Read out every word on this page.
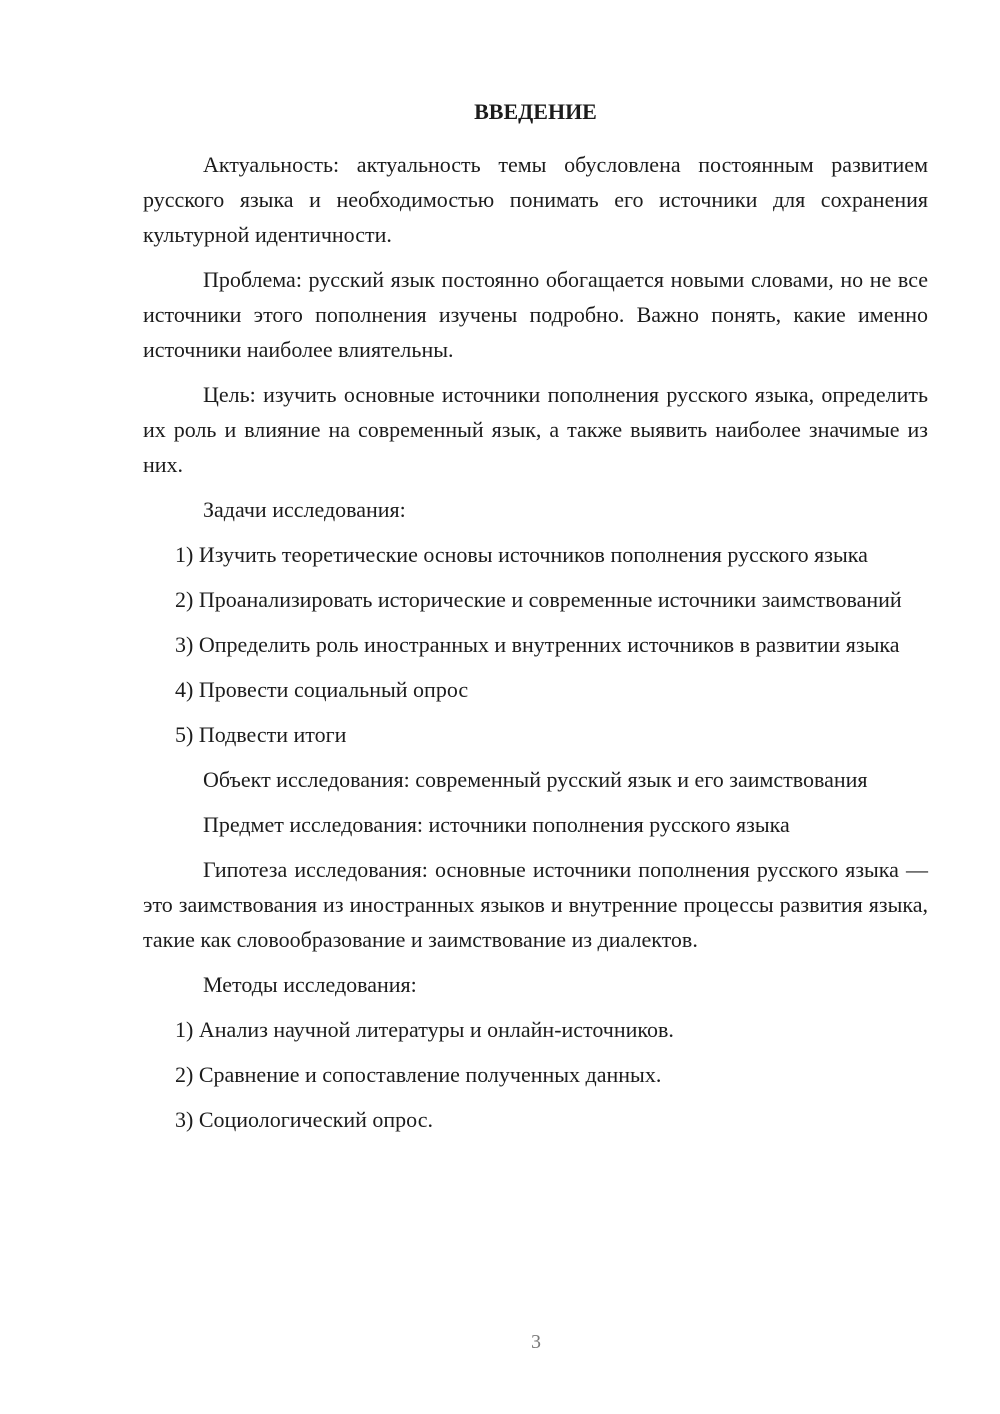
ВВЕДЕНИЕ

Актуальность: актуальность темы обусловлена постоянным развитием русского языка и необходимостью понимать его источники для сохранения культурной идентичности.

Проблема: русский язык постоянно обогащается новыми словами, но не все источники этого пополнения изучены подробно. Важно понять, какие именно источники наиболее влиятельны.

Цель: изучить основные источники пополнения русского языка, определить их роль и влияние на современный язык, а также выявить наиболее значимые из них.

Задачи исследования:

1) Изучить теоретические основы источников пополнения русского языка

2) Проанализировать исторические и современные источники заимствований

3) Определить роль иностранных и внутренних источников в развитии языка

4) Провести социальный опрос

5) Подвести итоги

Объект исследования: современный русский язык и его заимствования

Предмет исследования: источники пополнения русского языка

Гипотеза исследования: основные источники пополнения русского языка — это заимствования из иностранных языков и внутренние процессы развития языка, такие как словообразование и заимствование из диалектов.

Методы исследования:

1) Анализ научной литературы и онлайн-источников.

2) Сравнение и сопоставление полученных данных.

3) Социологический опрос.

3
